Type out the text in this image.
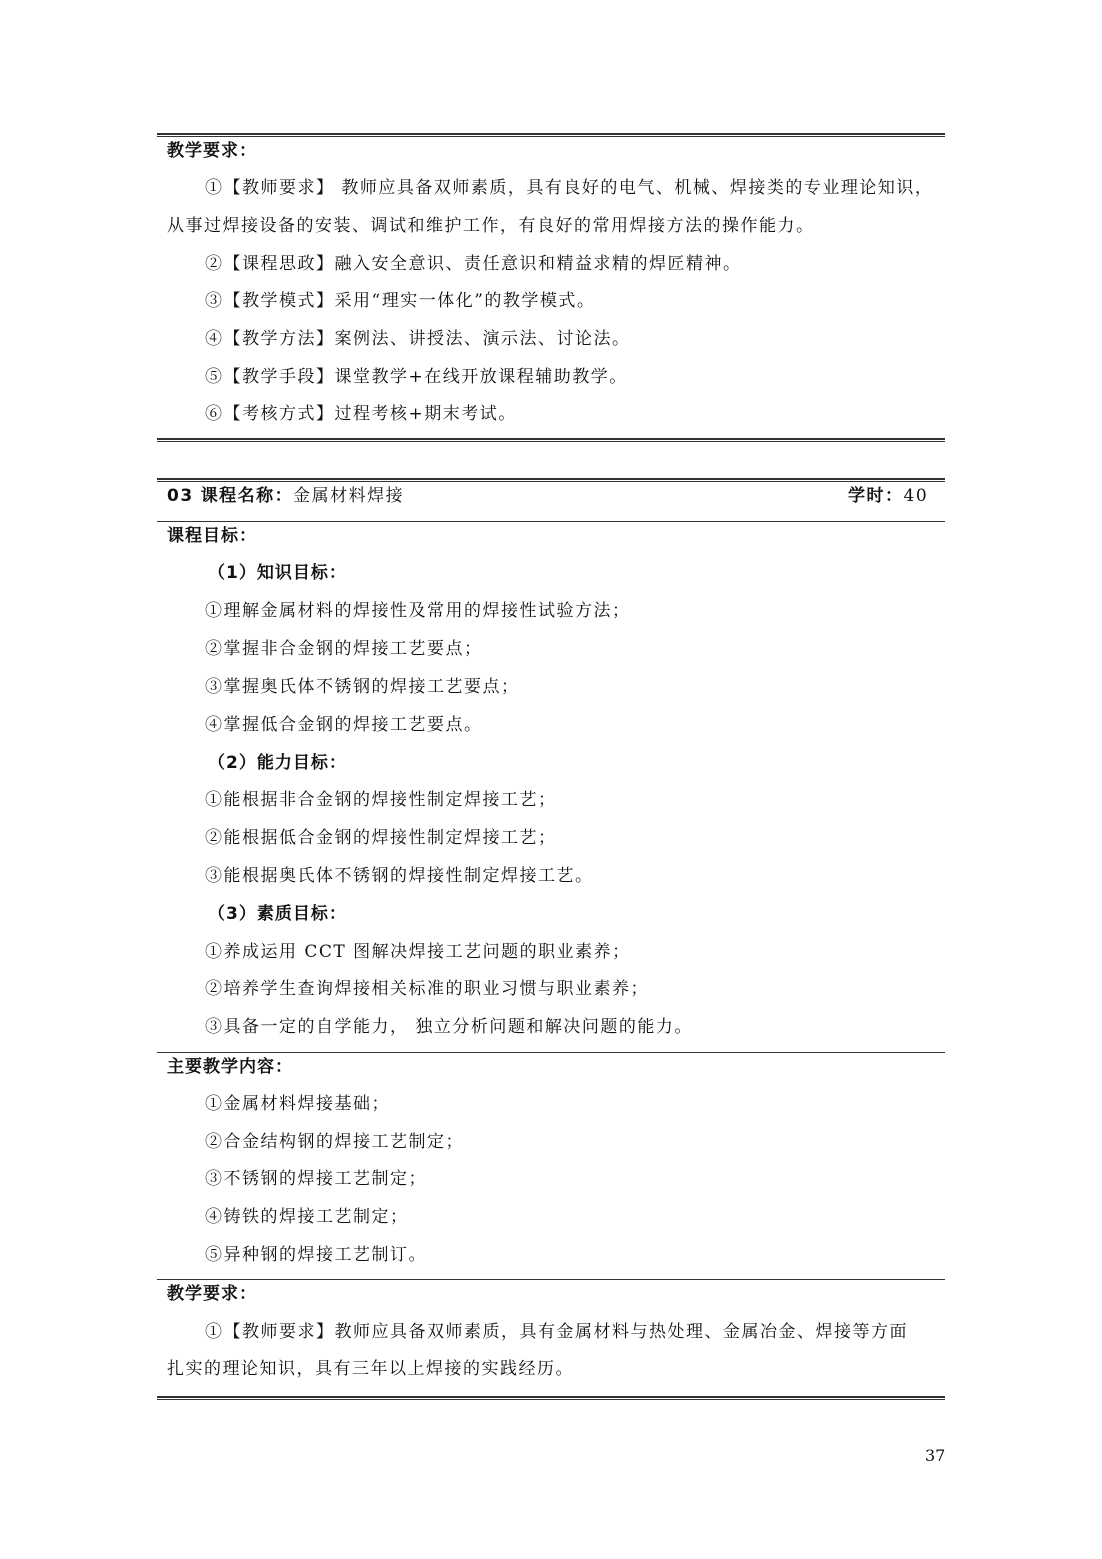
教学要求：
①【教师要求】 教师应具备双师素质，具有良好的电气、机械、焊接类的专业理论知识，
从事过焊接设备的安装、调试和维护工作，有良好的常用焊接方法的操作能力。
②【课程思政】融入安全意识、责任意识和精益求精的焊匠精神。
③【教学模式】采用“理实一体化”的教学模式。
④【教学方法】案例法、讲授法、演示法、讨论法。
⑤【教学手段】课堂教学+在线开放课程辅助教学。
⑥【考核方式】过程考核+期末考试。
03 课程名称：金属材料焊接	学时：40
课程目标：
（1）知识目标：
①理解金属材料的焊接性及常用的焊接性试验方法；
②掌握非合金钢的焊接工艺要点；
③掌握奥氏体不锈钢的焊接工艺要点；
④掌握低合金钢的焊接工艺要点。
（2）能力目标：
①能根据非合金钢的焊接性制定焊接工艺；
②能根据低合金钢的焊接性制定焊接工艺；
③能根据奥氏体不锈钢的焊接性制定焊接工艺。
（3）素质目标：
①养成运用 CCT 图解决焊接工艺问题的职业素养；
②培养学生查询焊接相关标准的职业习惯与职业素养；
③具备一定的自学能力， 独立分析问题和解决问题的能力。
主要教学内容：
①金属材料焊接基础；
②合金结构钢的焊接工艺制定；
③不锈钢的焊接工艺制定；
④铸铁的焊接工艺制定；
⑤异种钢的焊接工艺制订。
教学要求：
①【教师要求】教师应具备双师素质，具有金属材料与热处理、金属冶金、焊接等方面
扎实的理论知识，具有三年以上焊接的实践经历。
37
